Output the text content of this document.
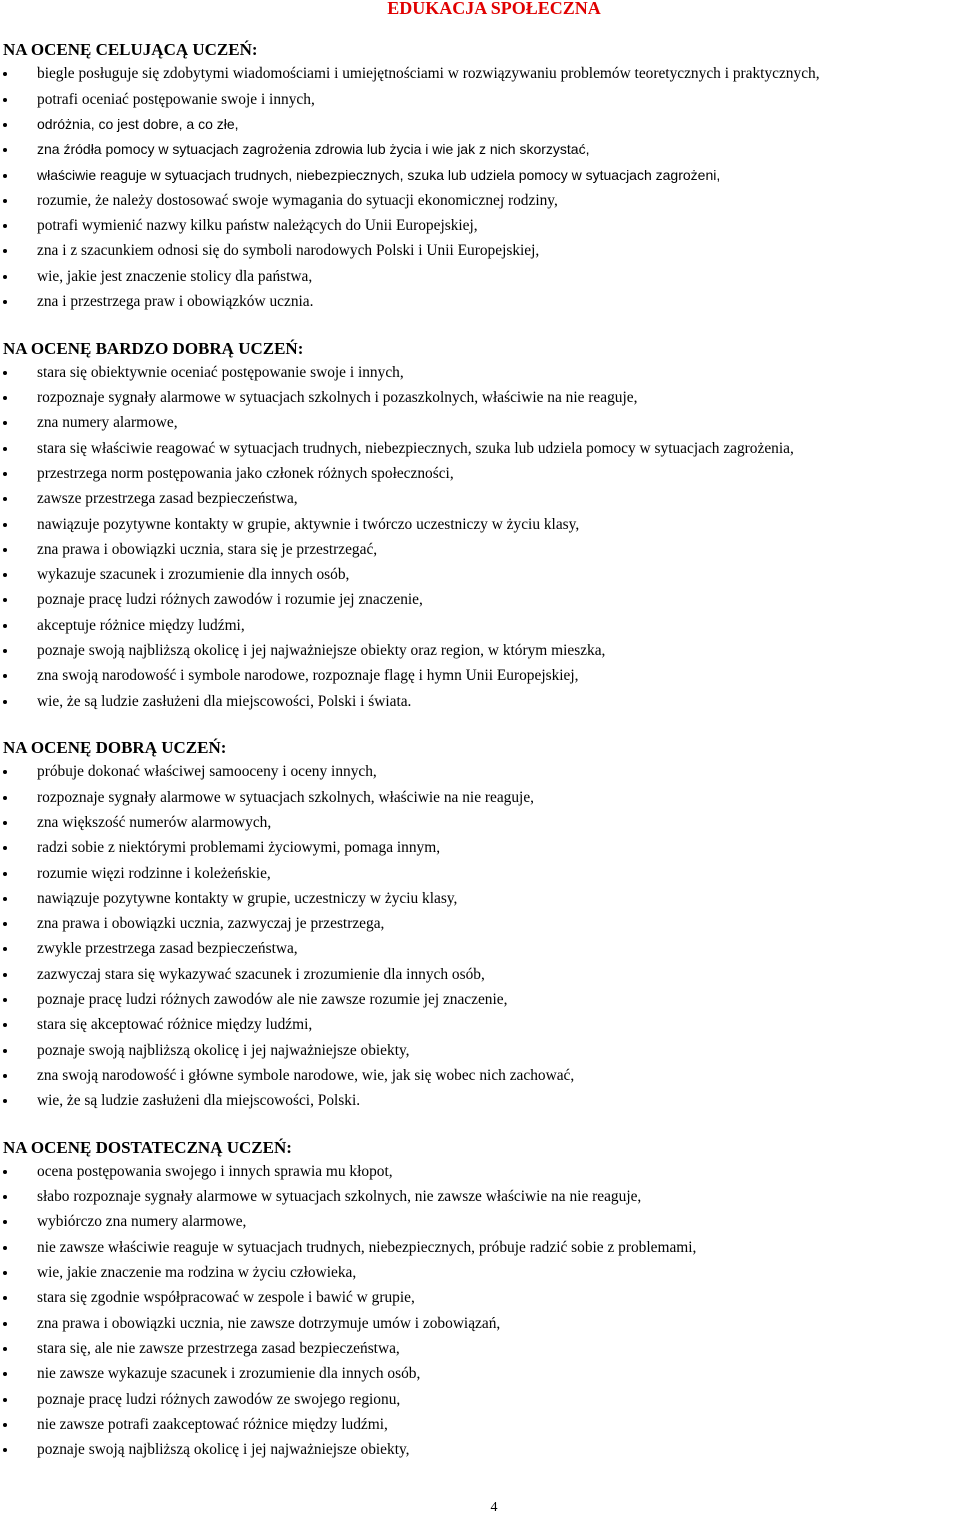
EDUKACJA SPOŁECZNA
NA OCENĘ CELUJĄCĄ UCZEŃ:
biegle posługuje się zdobytymi wiadomościami i umiejętnościami w rozwiązywaniu problemów teoretycznych i praktycznych,
potrafi oceniać postępowanie swoje i innych,
odróżnia, co jest dobre, a co złe,
zna źródła pomocy w sytuacjach zagrożenia zdrowia lub życia i wie jak z nich skorzystać,
właściwie reaguje w sytuacjach trudnych, niebezpiecznych, szuka lub udziela pomocy w sytuacjach zagrożeni,
rozumie, że należy dostosować swoje wymagania do sytuacji ekonomicznej rodziny,
potrafi wymienić nazwy kilku państw należących do Unii Europejskiej,
zna i z szacunkiem odnosi się do symboli narodowych Polski i Unii Europejskiej,
wie, jakie jest znaczenie stolicy dla państwa,
zna i przestrzega praw i obowiązków ucznia.
NA OCENĘ BARDZO DOBRĄ UCZEŃ:
stara się obiektywnie oceniać postępowanie swoje i innych,
rozpoznaje sygnały alarmowe w sytuacjach szkolnych i pozaszkolnych, właściwie na nie reaguje,
zna numery alarmowe,
stara się właściwie reagować w sytuacjach trudnych, niebezpiecznych, szuka lub udziela pomocy w sytuacjach zagrożenia,
przestrzega norm postępowania jako członek różnych społeczności,
zawsze przestrzega zasad bezpieczeństwa,
nawiązuje pozytywne kontakty w grupie, aktywnie i twórczo uczestniczy w życiu klasy,
zna prawa i obowiązki ucznia, stara się je przestrzegać,
wykazuje szacunek i zrozumienie dla innych osób,
poznaje pracę ludzi różnych zawodów i rozumie jej znaczenie,
akceptuje różnice między ludźmi,
poznaje swoją najbliższą okolicę i jej najważniejsze obiekty oraz region, w którym mieszka,
zna swoją narodowość i symbole narodowe, rozpoznaje flagę i hymn Unii Europejskiej,
wie, że są ludzie zasłużeni dla miejscowości, Polski i świata.
NA OCENĘ DOBRĄ UCZEŃ:
próbuje dokonać właściwej samooceny i oceny innych,
rozpoznaje sygnały alarmowe w sytuacjach szkolnych, właściwie na nie reaguje,
zna większość numerów alarmowych,
radzi sobie z niektórymi problemami życiowymi, pomaga innym,
rozumie więzi rodzinne i koleżeńskie,
nawiązuje pozytywne kontakty w grupie, uczestniczy w życiu klasy,
zna prawa i obowiązki ucznia, zazwyczaj je przestrzega,
zwykle przestrzega zasad bezpieczeństwa,
zazwyczaj stara się wykazywać szacunek i zrozumienie dla innych osób,
poznaje pracę ludzi różnych zawodów ale nie zawsze rozumie jej znaczenie,
stara się akceptować różnice między ludźmi,
poznaje swoją najbliższą okolicę i jej najważniejsze obiekty,
zna swoją narodowość i główne symbole narodowe, wie, jak się wobec nich zachować,
wie, że są ludzie zasłużeni dla miejscowości, Polski.
NA OCENĘ DOSTATECZNĄ UCZEŃ:
ocena postępowania swojego i innych sprawia mu kłopot,
słabo rozpoznaje sygnały alarmowe w sytuacjach szkolnych, nie zawsze właściwie na nie reaguje,
wybiórczo zna numery alarmowe,
nie zawsze właściwie reaguje w sytuacjach trudnych, niebezpiecznych, próbuje radzić sobie z problemami,
wie, jakie znaczenie ma rodzina w życiu człowieka,
stara się zgodnie współpracować w zespole i bawić w grupie,
zna prawa i obowiązki ucznia, nie zawsze dotrzymuje umów i zobowiązań,
stara się, ale nie zawsze przestrzega zasad bezpieczeństwa,
nie zawsze wykazuje szacunek i zrozumienie dla innych osób,
poznaje pracę ludzi różnych zawodów ze swojego regionu,
nie zawsze potrafi zaakceptować różnice między ludźmi,
poznaje swoją najbliższą okolicę i jej najważniejsze obiekty,
4
